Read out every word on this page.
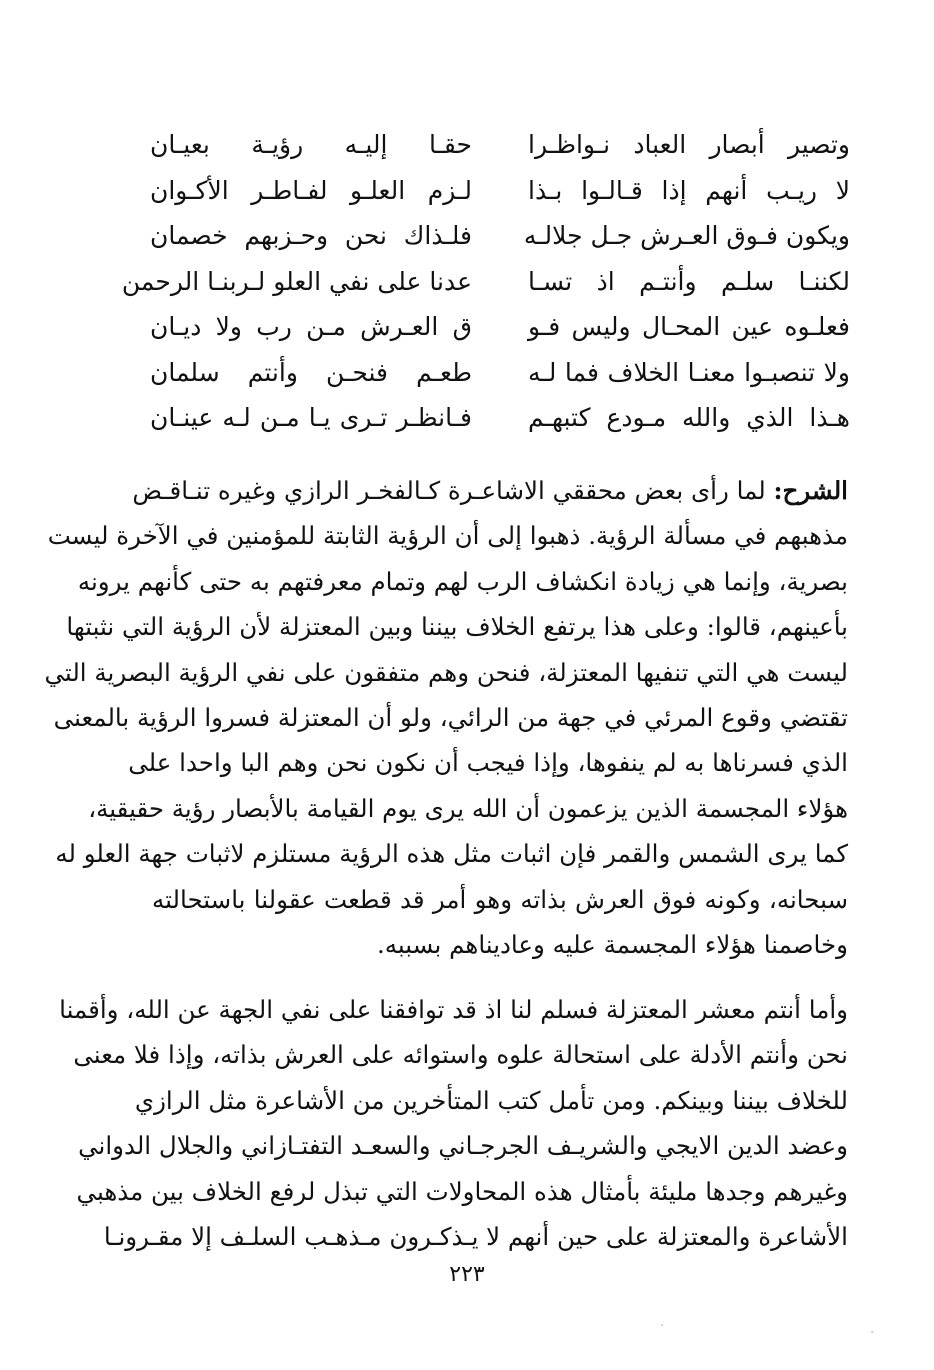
وتصير أبصار العباد نـواظـرا
حقـا إليـه رؤيـة بعيـان
لا ريـب أنهم إذا قـالـوا بـذا
لـزم العلـو لفـاطـر الأكـوان
ويكون فـوق العـرش جـل جلالـه
فلـذاك نحن وحـزبهم خصمان
لكننـا سلـم وأنتـم اذ تسـا
عدنا على نفي العلو لـربنـا الرحمن
فعلـوه عين المحـال وليس فـو
ق العـرش مـن رب ولا ديـان
ولا تنصبـوا معنـا الخلاف فما لـه
طعـم فنحـن وأنتم سلمان
هـذا الذي والله مـودع كتبهـم
فـانظـر تـرى يـا مـن لـه عينـان
الشرح: لما رأى بعض محققي الاشاعـرة كـالفخـر الرازي وغيره تنـاقـض
مذهبهم في مسألة الرؤية. ذهبوا إلى أن الرؤية الثابتة للمؤمنين في الآخرة ليست
بصرية، وإنما هي زيادة انكشاف الرب لهم وتمام معرفتهم به حتى كأنهم يرونه
بأعينهم، قالوا: وعلى هذا يرتفع الخلاف بيننا وبين المعتزلة لأن الرؤية التي نثبتها
ليست هي التي تنفيها المعتزلة، فنحن وهم متفقون على نفي الرؤية البصرية التي
تقتضي وقوع المرئي في جهة من الرائي، ولو أن المعتزلة فسروا الرؤية بالمعنى
الذي فسرناها به لم ينفوها، وإذا فيجب أن نكون نحن وهم البا واحدا على
هؤلاء المجسمة الذين يزعمون أن الله يرى يوم القيامة بالأبصار رؤية حقيقية،
كما يرى الشمس والقمر فإن اثبات مثل هذه الرؤية مستلزم لاثبات جهة العلو له
سبحانه، وكونه فوق العرش بذاته وهو أمر قد قطعت عقولنا باستحالته
وخاصمنا هؤلاء المجسمة عليه وعاديناهم بسببه.
وأما أنتم معشر المعتزلة فسلم لنا اذ قد توافقنا على نفي الجهة عن الله، وأقمنا
نحن وأنتم الأدلة على استحالة علوه واستوائه على العرش بذاته، وإذا فلا معنى
للخلاف بيننا وبينكم. ومن تأمل كتب المتأخرين من الأشاعرة مثل الرازي
وعضد الدين الايجي والشريـف الجرجـاني والسعـد التفتـازاني والجلال الدواني
وغيرهم وجدها مليئة بأمثال هذه المحاولات التي تبذل لرفع الخلاف بين مذهبي
الأشاعرة والمعتزلة على حين أنهم لا يـذكـرون مـذهـب السلـف إلا مقـرونـا
٢٢٣
·	·
